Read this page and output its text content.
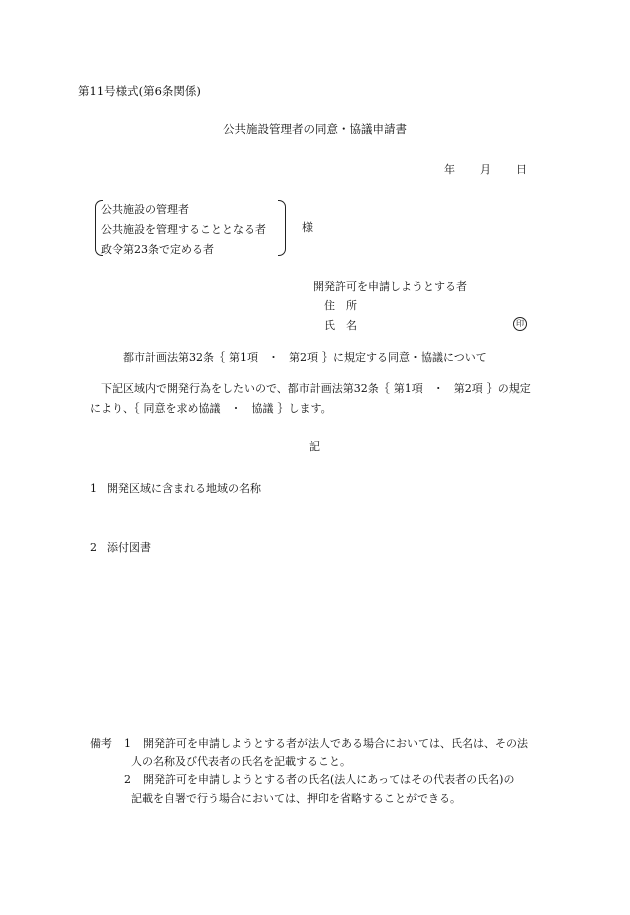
第11号様式(第6条関係)
公共施設管理者の同意・協議申請書
年 月 日
公共施設の管理者
公共施設を管理することとなる者
政令第23条で定める者
様
開発許可を申請しようとする者
住　所
氏　名	印
都市計画法第32条｛ 第1項 ・ 第2項 ｝に規定する同意・協議について
下記区域内で開発行為をしたいので、都市計画法第32条｛ 第1項 ・ 第2項 ｝の規定
により、｛ 同意を求め協議 ・ 協議 ｝します。
記
1 開発区域に含まれる地域の名称
2 添付図書
備考 1 開発許可を申請しようとする者が法人である場合においては、氏名は、その法
人の名称及び代表者の氏名を記載すること。
2 開発許可を申請しようとする者の氏名(法人にあってはその代表者の氏名)の
記載を自署で行う場合においては、押印を省略することができる。
